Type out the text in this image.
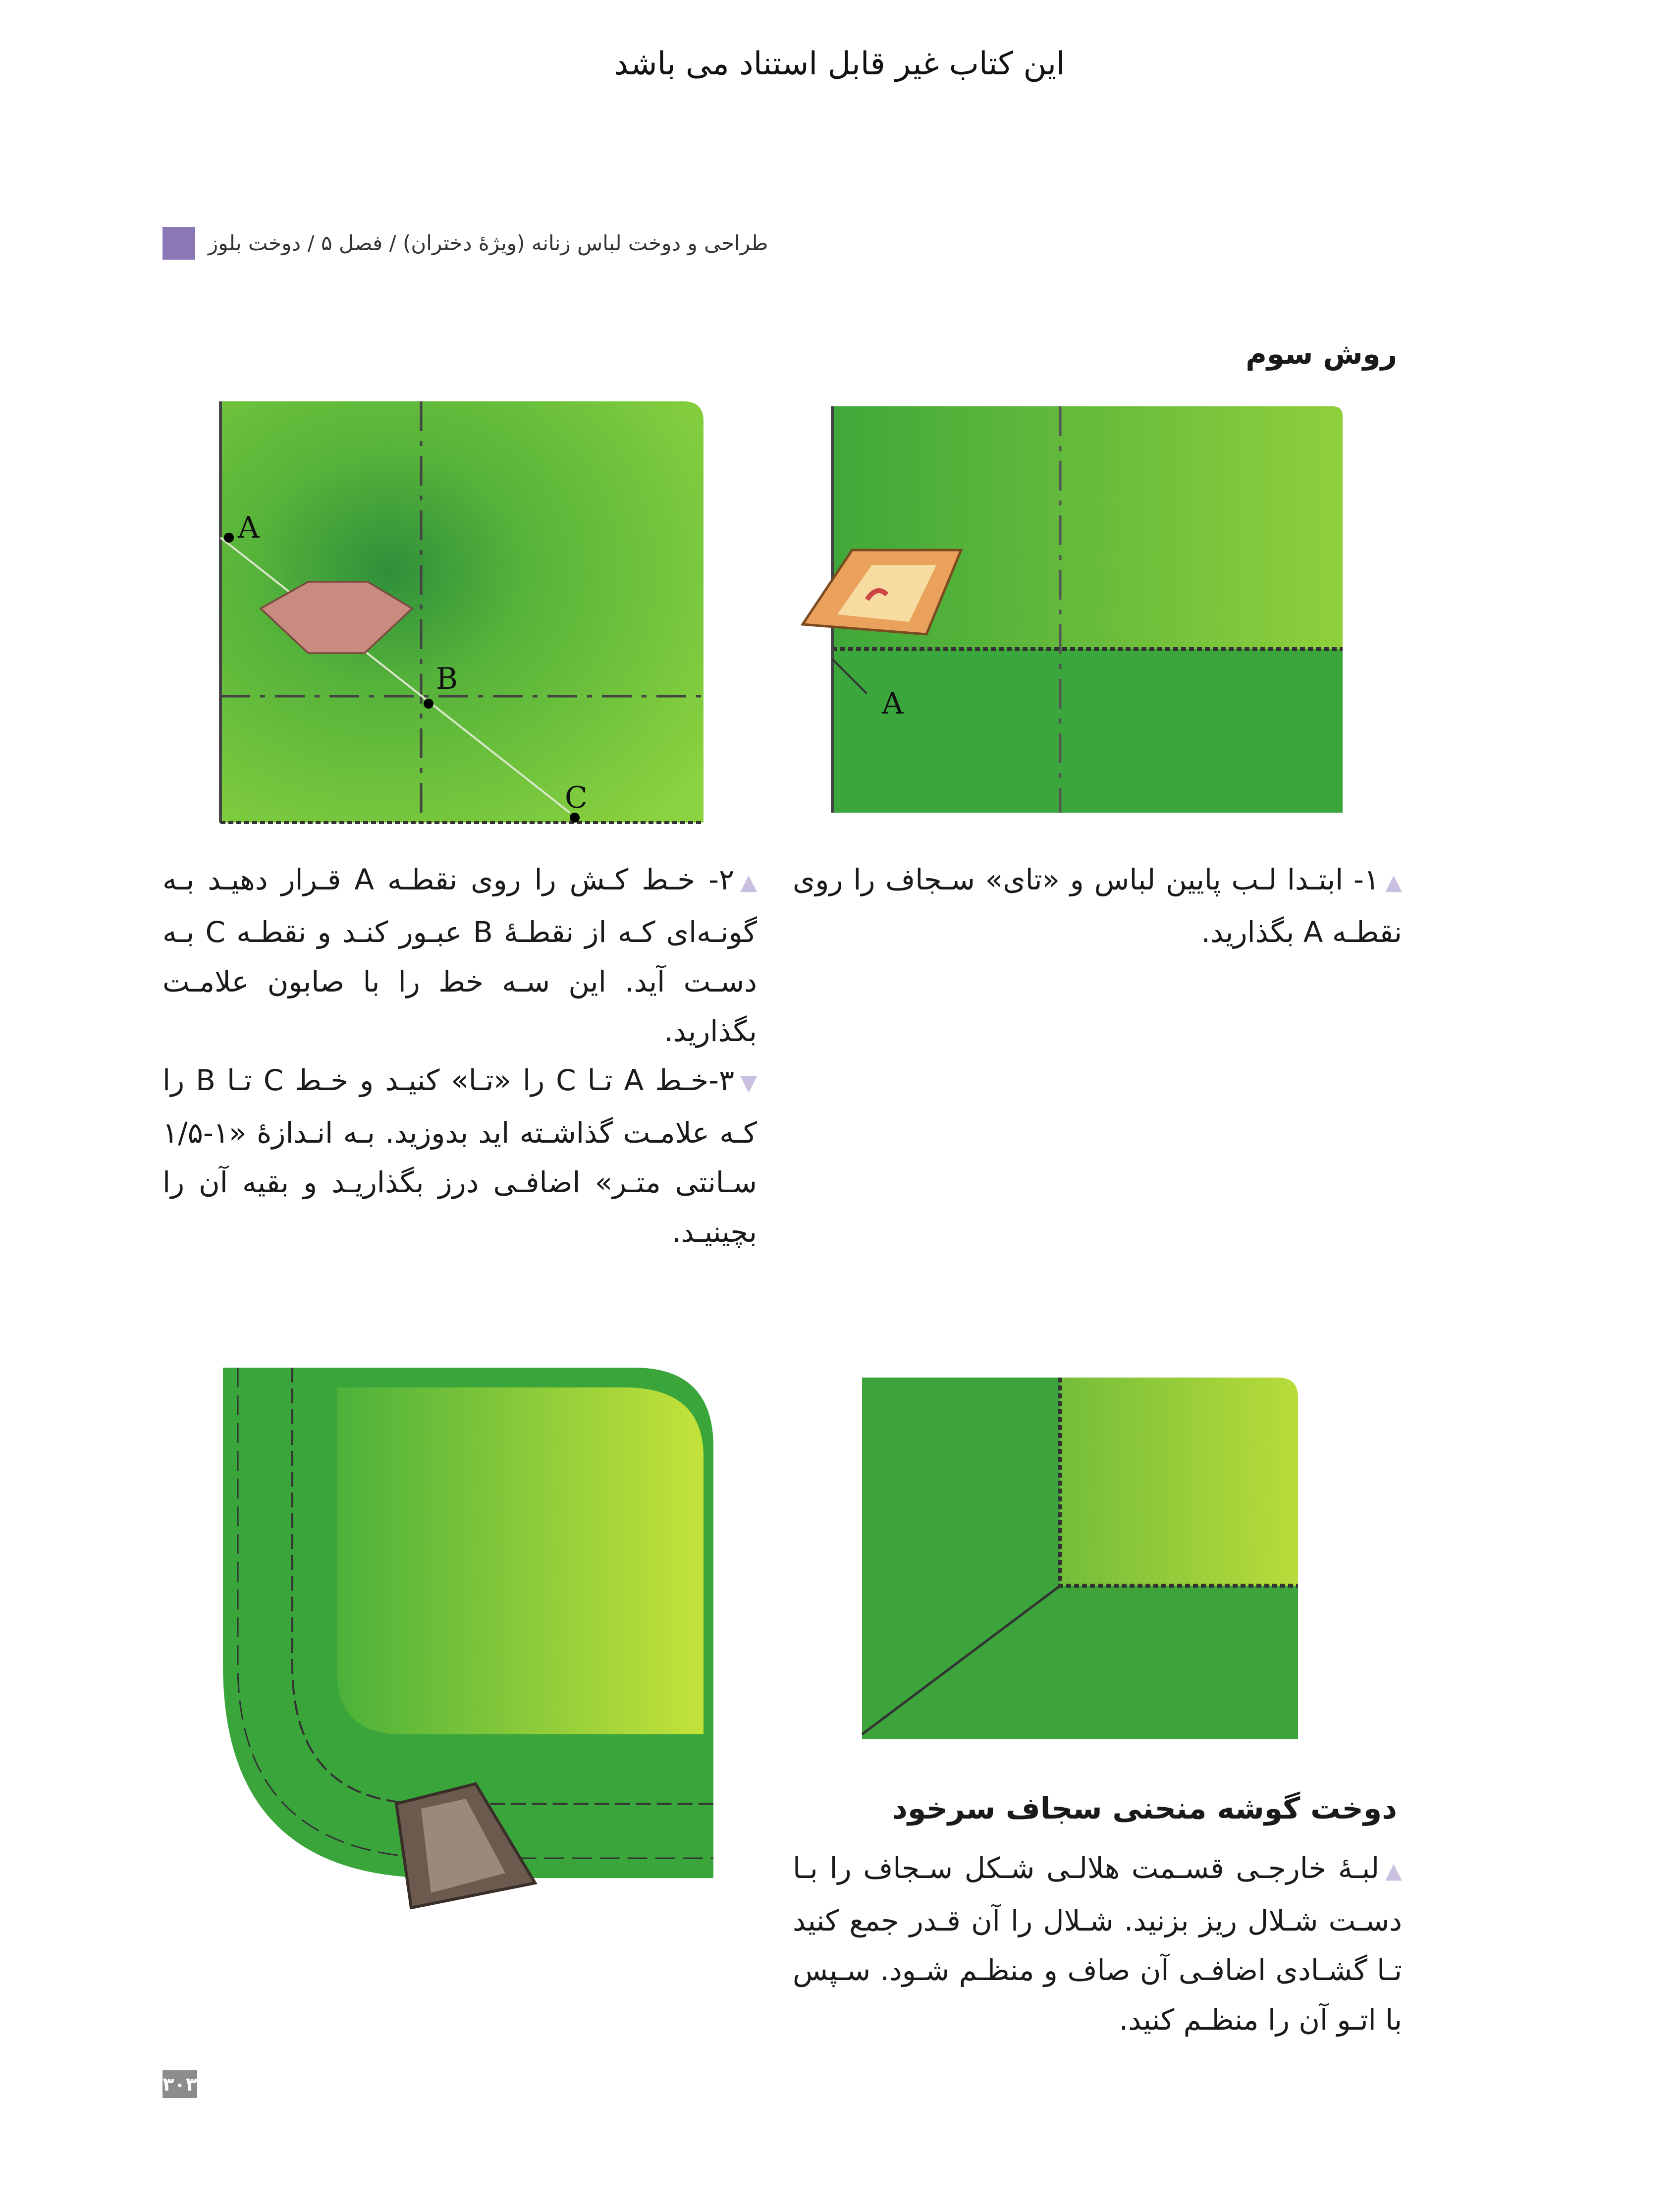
این کتاب غیر قابل استناد می باشد
طراحی و دوخت لباس زنانه (ویژهٔ دختران) / فصل ۵ / دوخت بلوز
روش سوم
A
A
B
C
▲۱- ابتـدا لـب پایین لباس و «تای» سـجاف را روی نقطـه A بگذارید.
▲۲- خـط کـش را روی نقطـه A قـرار دهیـد بـه گونـه‌ای کـه از نقطـهٔ B عبـور کنـد و نقطـه C بـه دسـت آید. این سـه خط را با صابون علامـت بگذارید.
▼۳-خـط A تـا C را «تـا» کنیـد و خـط C تـا B را کـه علامـت گذاشـته اید بدوزید. بـه انـدازهٔ «۱-۱/۵ سـانتی متـر» اضافـی درز بگذاریـد و بقیه آن را بچینیـد.
دوخت گوشه منحنی سجاف سرخود
▲لبـهٔ خارجـی قسـمت هلالـی شـکل سـجاف را بـا دسـت شـلال ریز بزنید. شـلال را آن قـدر جمع کنید تـا گشـادی اضافـی آن صاف و منظـم شـود. سـپس با اتـو آن را منظـم کنید.
۳۰۳
